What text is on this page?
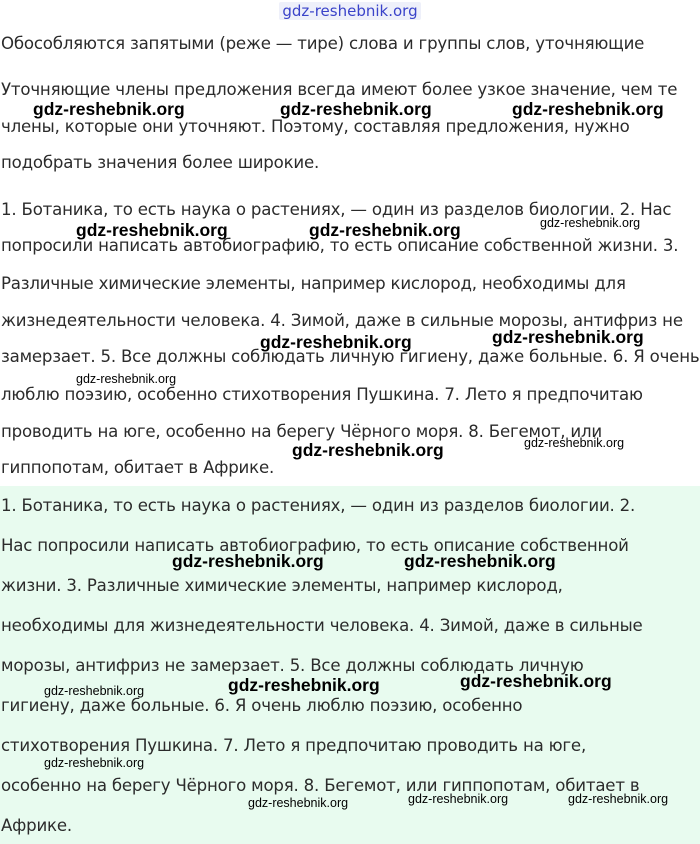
Обособляются запятыми (реже — тире) слова и группы слов, уточняющие

Уточняющие члены предложения всегда имеют более узкое значение, чем те

члены, которые они уточняют. Поэтому, составляя предложения, нужно

подобрать значения более широкие.

1. Ботаника, то есть наука о растениях, — один из разделов биологии. 2. Нас

попросили написать автобиографию, то есть описание собственной жизни. 3.

Различные химические элементы, например кислород, необходимы для

жизнедеятельности человека. 4. Зимой, даже в сильные морозы, антифриз не

замерзает. 5. Все должны соблюдать личную гигиену, даже больные. 6. Я очень

люблю поэзию, особенно стихотворения Пушкина. 7. Лето я предпочитаю

проводить на юге, особенно на берегу Чёрного моря. 8. Бегемот, или

гиппопотам, обитает в Африке.

1. Ботаника, то есть наука о растениях, — один из разделов биологии. 2.

Нас попросили написать автобиографию, то есть описание собственной

жизни. 3. Различные химические элементы, например кислород,

необходимы для жизнедеятельности человека. 4. Зимой, даже в сильные

морозы, антифриз не замерзает. 5. Все должны соблюдать личную

гигиену, даже больные. 6. Я очень люблю поэзию, особенно

стихотворения Пушкина. 7. Лето я предпочитаю проводить на юге,

особенно на берегу Чёрного моря. 8. Бегемот, или гиппопотам, обитает в

Африке.

gdz-reshebnik.org

gdz-reshebnik.org	gdz-reshebnik.org	gdz-reshebnik.org

gdz-reshebnik.org	gdz-reshebnik.org	gdz-reshebnik.org

gdz-reshebnik.org	gdz-reshebnik.org

gdz-reshebnik.org

gdz-reshebnik.org	gdz-reshebnik.org

gdz-reshebnik.org	gdz-reshebnik.org

gdz-reshebnik.org	gdz-reshebnik.org	gdz-reshebnik.org

gdz-reshebnik.org

gdz-reshebnik.org	gdz-reshebnik.org	gdz-reshebnik.org
